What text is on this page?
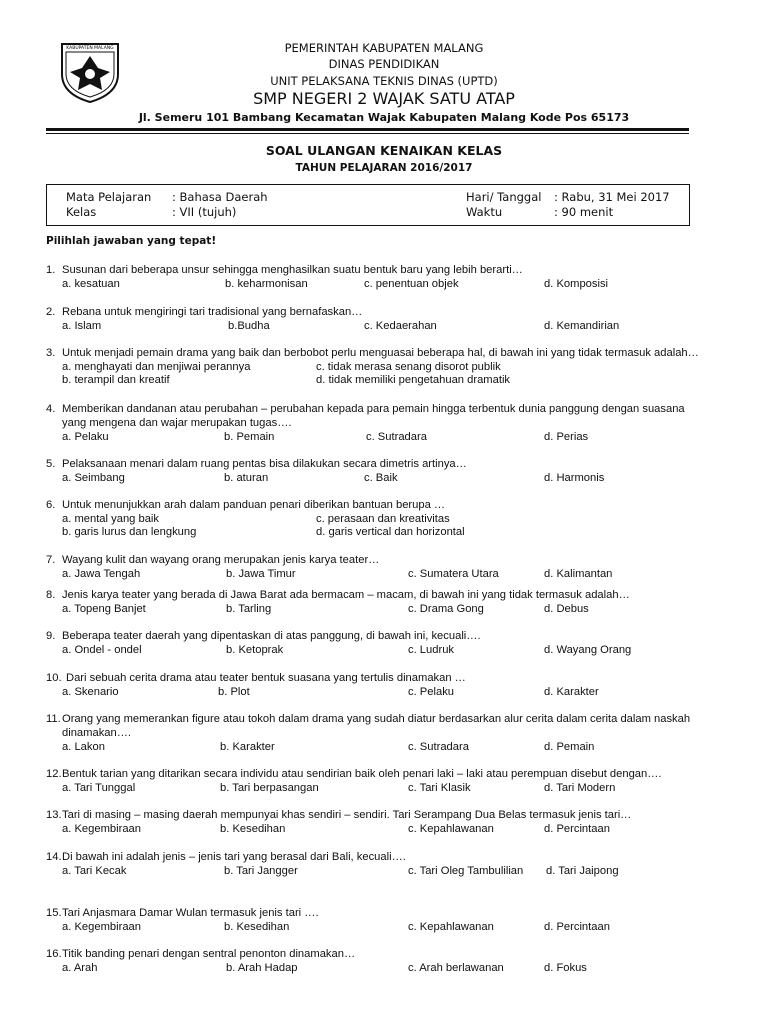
KABUPATEN MALANG	PEMERINTAH KABUPATEN MALANG
DINAS PENDIDIKAN
UNIT PELAKSANA TEKNIS DINAS (UPTD)
SMP NEGERI 2 WAJAK SATU ATAP
Jl. Semeru 101 Bambang Kecamatan Wajak Kabupaten Malang Kode Pos 65173
SOAL ULANGAN KENAIKAN KELAS
TAHUN PELAJARAN 2016/2017
Mata Pelajaran : Bahasa Daerah
Kelas	: VII (tujuh)
Hari/ Tanggal : Rabu, 31 Mei 2017
Waktu	: 90 menit
Pilihlah jawaban yang tepat!
1. Susunan dari beberapa unsur sehingga menghasilkan suatu bentuk baru yang lebih berarti…
a. kesatuan	b. keharmonisan	c. penentuan objek	d. Komposisi
2. Rebana untuk mengiringi tari tradisional yang bernafaskan…
a. Islam	b.Budha	c. Kedaerahan	d. Kemandirian
3. Untuk menjadi pemain drama yang baik dan berbobot perlu menguasai beberapa hal, di bawah ini yang tidak termasuk adalah…
a. menghayati dan menjiwai perannya	c. tidak merasa senang disorot publik
b. terampil dan kreatif	d. tidak memiliki pengetahuan dramatik
4. Memberikan dandanan atau perubahan – perubahan kepada para pemain hingga terbentuk dunia panggung dengan suasana
yang mengena dan wajar merupakan tugas….
a. Pelaku	b. Pemain	c. Sutradara	d. Perias
5. Pelaksanaan menari dalam ruang pentas bisa dilakukan secara dimetris artinya…
a. Seimbang	b. aturan	c. Baik	d. Harmonis
6. Untuk menunjukkan arah dalam panduan penari diberikan bantuan berupa …
a. mental yang baik	c. perasaan dan kreativitas
b. garis lurus dan lengkung	d. garis vertical dan horizontal
7. Wayang kulit dan wayang orang merupakan jenis karya teater…
a. Jawa Tengah	b. Jawa Timur	c. Sumatera Utara	d. Kalimantan
8. Jenis karya teater yang berada di Jawa Barat ada bermacam – macam, di bawah ini yang tidak termasuk adalah…
a. Topeng Banjet	b. Tarling	c. Drama Gong	d. Debus
9. Beberapa teater daerah yang dipentaskan di atas panggung, di bawah ini, kecuali….
a. Ondel - ondel	b. Ketoprak	c. Ludruk	d. Wayang Orang
10. Dari sebuah cerita drama atau teater bentuk suasana yang tertulis dinamakan …
a. Skenario	b. Plot	c. Pelaku	d. Karakter
11. Orang yang memerankan figure atau tokoh dalam drama yang sudah diatur berdasarkan alur cerita dalam cerita dalam naskah
dinamakan….
a. Lakon	b. Karakter	c. Sutradara	d. Pemain
12. Bentuk tarian yang ditarikan secara individu atau sendirian baik oleh penari laki – laki atau perempuan disebut dengan….
a. Tari Tunggal	b. Tari berpasangan	c. Tari Klasik	d. Tari Modern
13. Tari di masing – masing daerah mempunyai khas sendiri – sendiri. Tari Serampang Dua Belas termasuk jenis tari…
a. Kegembiraan	b. Kesedihan	c. Kepahlawanan	d. Percintaan
14. Di bawah ini adalah jenis – jenis tari yang berasal dari Bali, kecuali….
a. Tari Kecak	b. Tari Jangger	c. Tari Oleg Tambulilian d. Tari Jaipong
15. Tari Anjasmara Damar Wulan termasuk jenis tari ….
a. Kegembiraan	b. Kesedihan	c. Kepahlawanan	d. Percintaan
16. Titik banding penari dengan sentral penonton dinamakan…
a. Arah	b. Arah Hadap	c. Arah berlawanan	d. Fokus
